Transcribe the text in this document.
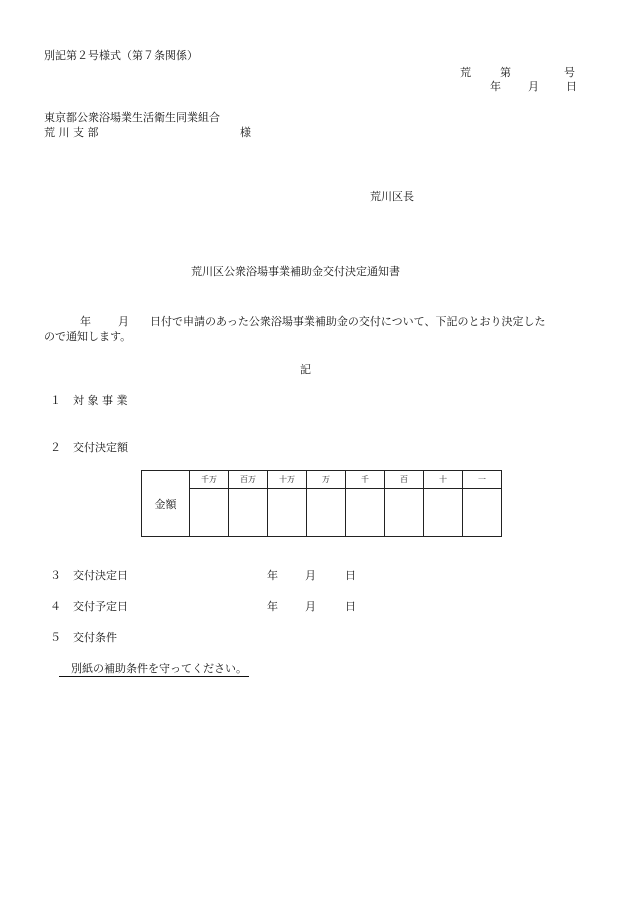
別記第２号様式（第７条関係）
荒	第	号
年 月 日
東京都公衆浴場業生活衛生同業組合
荒 川 支 部	様
荒川区長
荒川区公衆浴場事業補助金交付決定通知書
年 月 日付で申請のあった公衆浴場事業補助金の交付について、下記のとおり決定した
ので通知します。
記
１ 対 象 事 業
２ 交付決定額
金額	千万	百万	十万	万	千	百	十	一

３ 交付決定日	年 月	日
４ 交付予定日	年 月	日
５ 交付条件
別紙の補助条件を守ってください。
